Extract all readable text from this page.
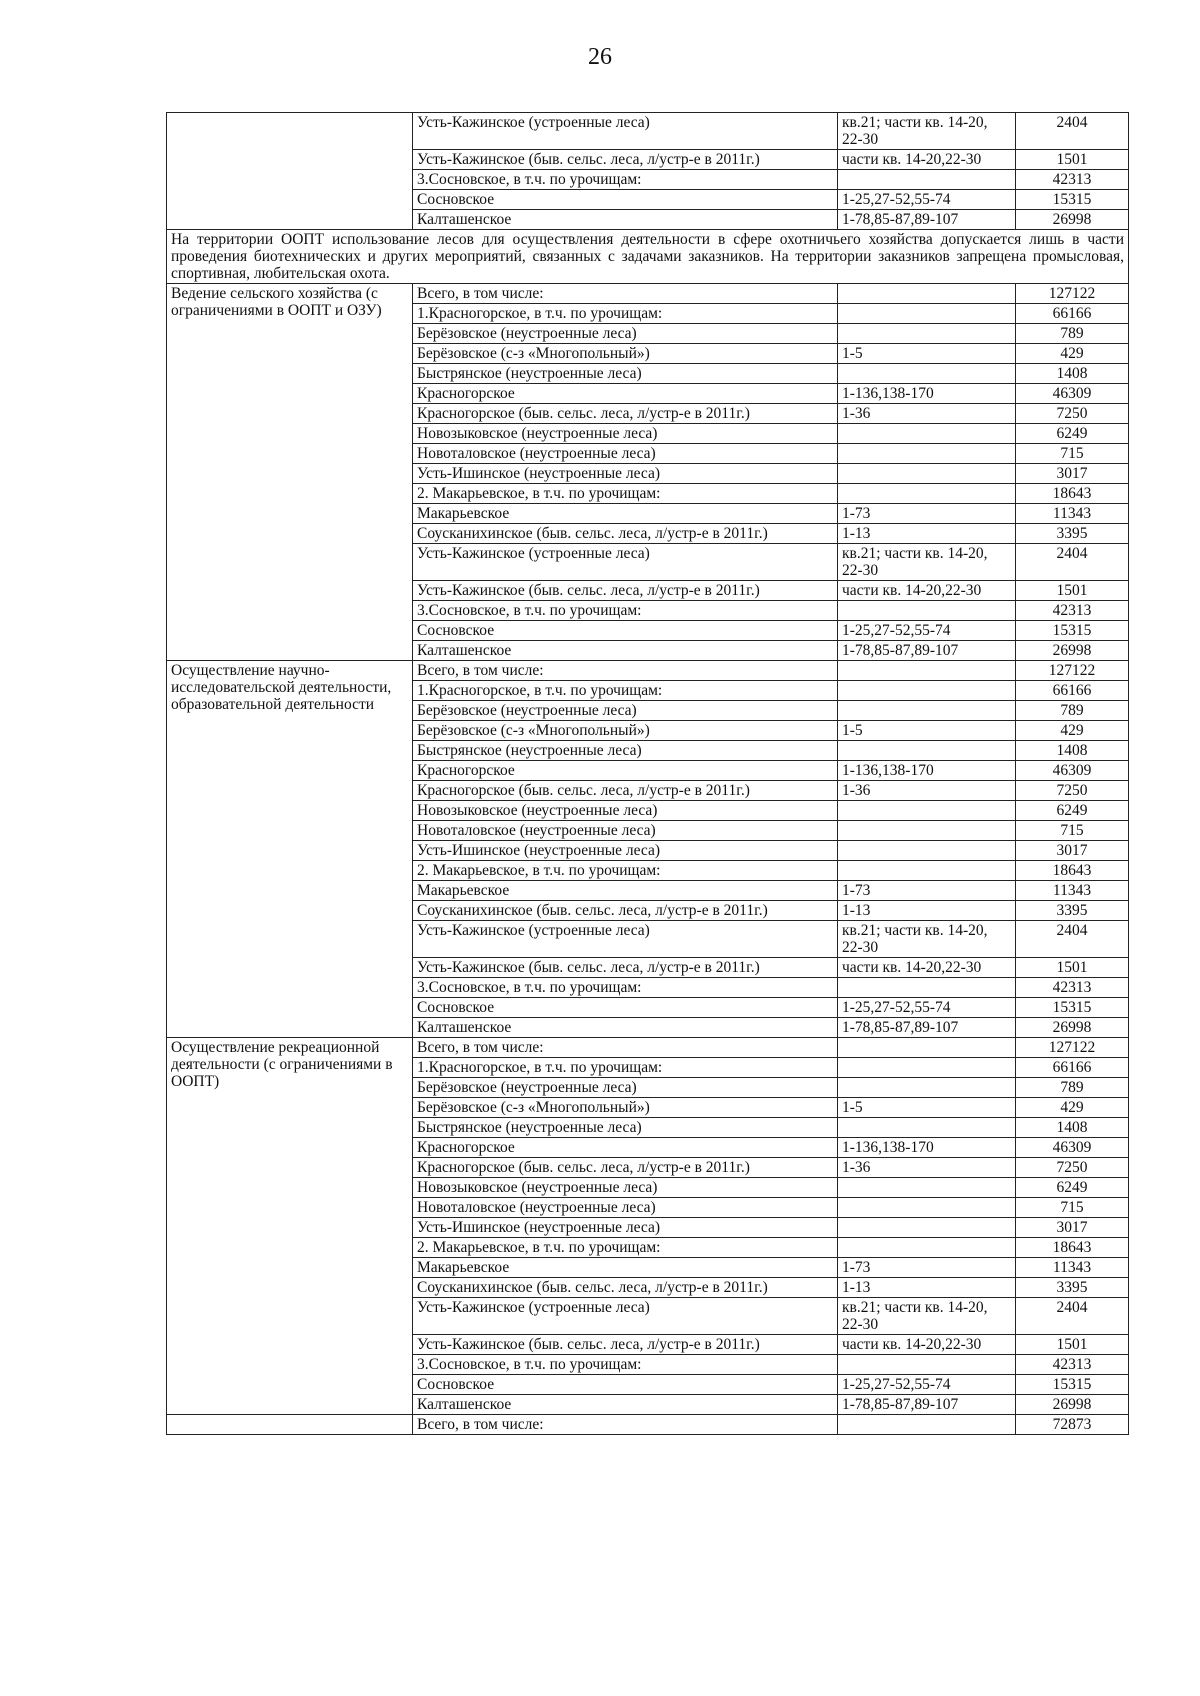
26
	Усть-Кажинское (устроенные леса)	кв.21; части кв. 14-20, 22-30	2404
	Усть-Кажинское (быв. сельс. леса, л/устр-е в 2011г.)	части кв. 14-20,22-30	1501
	3.Сосновское, в т.ч. по урочищам:		42313
	Сосновское	1-25,27-52,55-74	15315
	Калташенское	1-78,85-87,89-107	26998
На территории ООПТ использование лесов для осуществления деятельности в сфере охотничьего хозяйства допускается лишь в части проведения биотехнических и других мероприятий, связанных с задачами заказников. На территории заказников запрещена промысловая, спортивная, любительская охота.			
Ведение сельского хозяйства (с ограничениями в ООПТ и ОЗУ)	Всего, в том числе:		127122
	1.Красногорское, в т.ч. по урочищам:		66166
	Берёзовское (неустроенные леса)		789
	Берёзовское (с-з «Многопольный»)	1-5	429
	Быстрянское (неустроенные леса)		1408
	Красногорское	1-136,138-170	46309
	Красногорское (быв. сельс. леса, л/устр-е в 2011г.)	1-36	7250
	Новозыковское (неустроенные леса)		6249
	Новоталовское (неустроенные леса)		715
	Усть-Ишинское (неустроенные леса)		3017
	2. Макарьевское, в т.ч. по урочищам:		18643
	Макарьевское	1-73	11343
	Соусканихинское (быв. сельс. леса, л/устр-е в 2011г.)	1-13	3395
	Усть-Кажинское (устроенные леса)	кв.21; части кв. 14-20, 22-30	2404
	Усть-Кажинское (быв. сельс. леса, л/устр-е в 2011г.)	части кв. 14-20,22-30	1501
	3.Сосновское, в т.ч. по урочищам:		42313
	Сосновское	1-25,27-52,55-74	15315
	Калташенское	1-78,85-87,89-107	26998
Осуществление научно-исследовательской деятельности, образовательной деятельности	Всего, в том числе:		127122
	1.Красногорское, в т.ч. по урочищам:		66166
	Берёзовское (неустроенные леса)		789
	Берёзовское (с-з «Многопольный»)	1-5	429
	Быстрянское (неустроенные леса)		1408
	Красногорское	1-136,138-170	46309
	Красногорское (быв. сельс. леса, л/устр-е в 2011г.)	1-36	7250
	Новозыковское (неустроенные леса)		6249
	Новоталовское (неустроенные леса)		715
	Усть-Ишинское (неустроенные леса)		3017
	2. Макарьевское, в т.ч. по урочищам:		18643
	Макарьевское	1-73	11343
	Соусканихинское (быв. сельс. леса, л/устр-е в 2011г.)	1-13	3395
	Усть-Кажинское (устроенные леса)	кв.21; части кв. 14-20, 22-30	2404
	Усть-Кажинское (быв. сельс. леса, л/устр-е в 2011г.)	части кв. 14-20,22-30	1501
	3.Сосновское, в т.ч. по урочищам:		42313
	Сосновское	1-25,27-52,55-74	15315
	Калташенское	1-78,85-87,89-107	26998
Осуществление рекреационной деятельности (с ограничениями в ООПТ)	Всего, в том числе:		127122
	1.Красногорское, в т.ч. по урочищам:		66166
	Берёзовское (неустроенные леса)		789
	Берёзовское (с-з «Многопольный»)	1-5	429
	Быстрянское (неустроенные леса)		1408
	Красногорское	1-136,138-170	46309
	Красногорское (быв. сельс. леса, л/устр-е в 2011г.)	1-36	7250
	Новозыковское (неустроенные леса)		6249
	Новоталовское (неустроенные леса)		715
	Усть-Ишинское (неустроенные леса)		3017
	2. Макарьевское, в т.ч. по урочищам:		18643
	Макарьевское	1-73	11343
	Соусканихинское (быв. сельс. леса, л/устр-е в 2011г.)	1-13	3395
	Усть-Кажинское (устроенные леса)	кв.21; части кв. 14-20, 22-30	2404
	Усть-Кажинское (быв. сельс. леса, л/устр-е в 2011г.)	части кв. 14-20,22-30	1501
	3.Сосновское, в т.ч. по урочищам:		42313
	Сосновское	1-25,27-52,55-74	15315
	Калташенское	1-78,85-87,89-107	26998
	Всего, в том числе:		72873
